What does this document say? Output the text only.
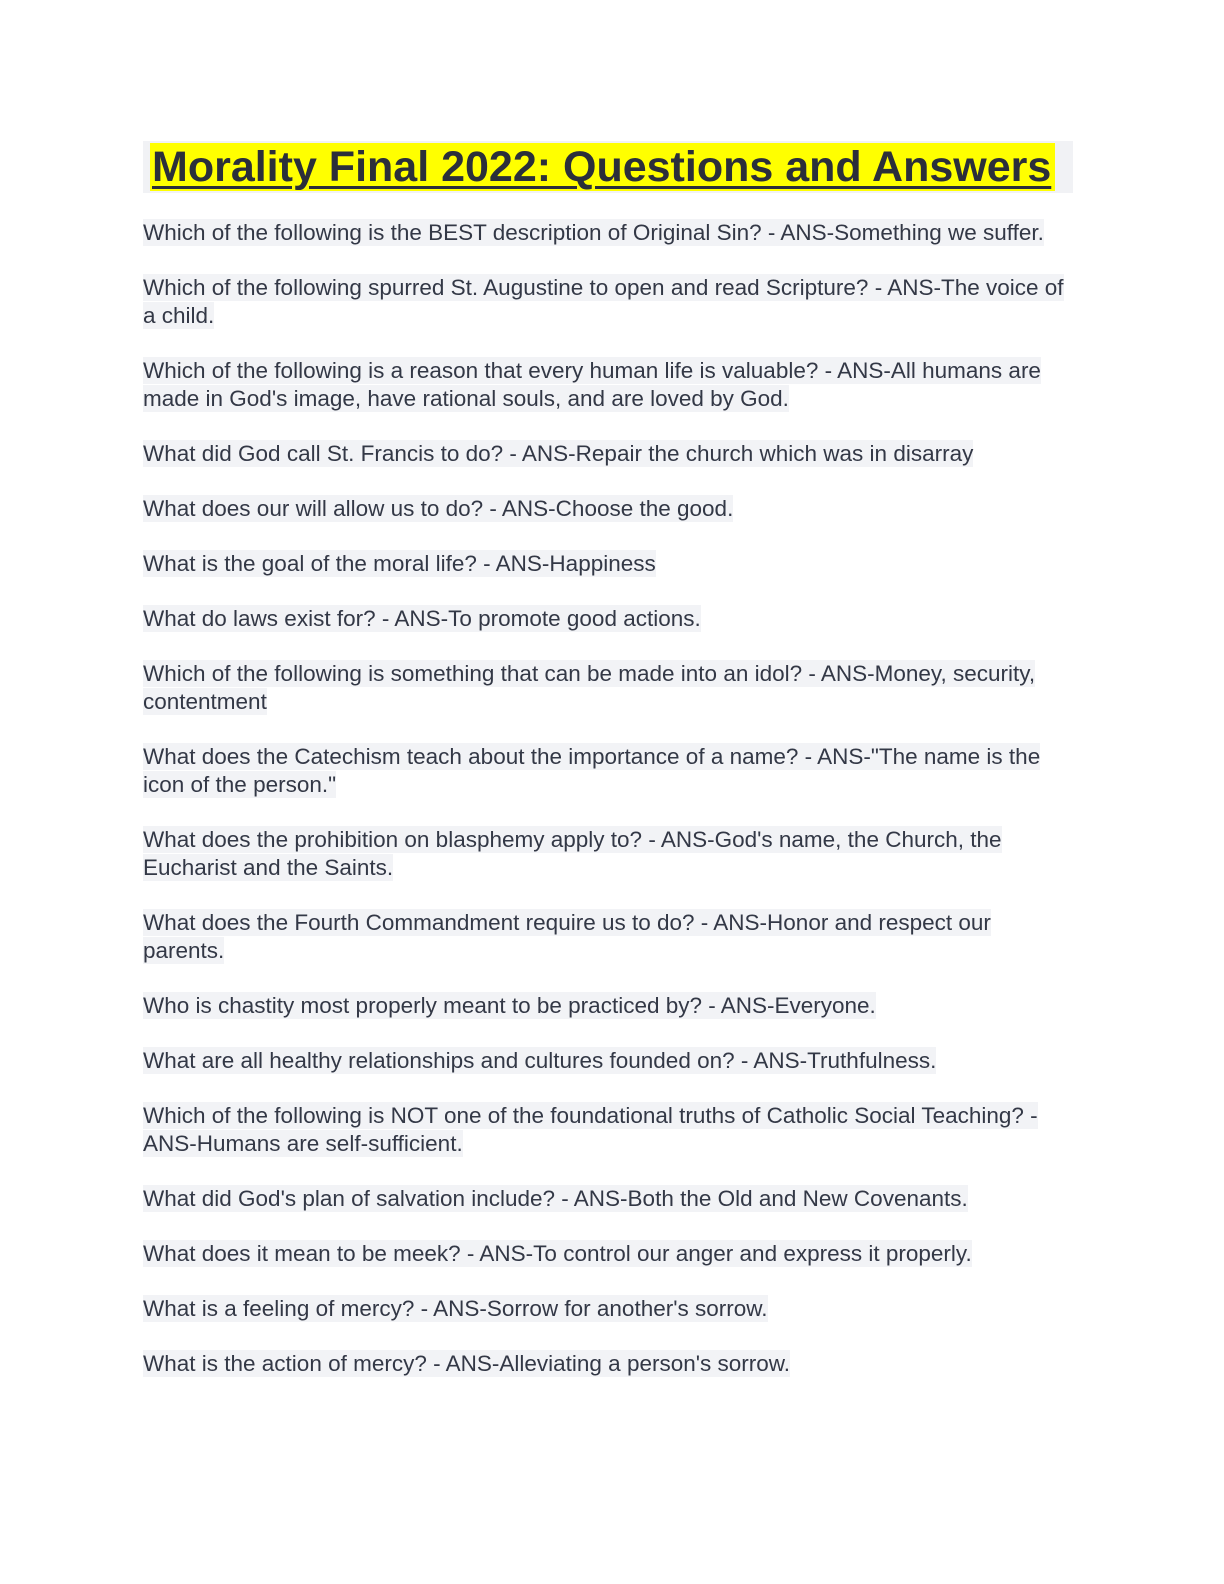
Morality Final 2022: Questions and Answers
Which of the following is the BEST description of Original Sin? - ANS-Something we suffer.
Which of the following spurred St. Augustine to open and read Scripture? - ANS-The voice of a child.
Which of the following is a reason that every human life is valuable? - ANS-All humans are made in God's image, have rational souls, and are loved by God.
What did God call St. Francis to do? - ANS-Repair the church which was in disarray
What does our will allow us to do? - ANS-Choose the good.
What is the goal of the moral life? - ANS-Happiness
What do laws exist for? - ANS-To promote good actions.
Which of the following is something that can be made into an idol? - ANS-Money, security, contentment
What does the Catechism teach about the importance of a name? - ANS-"The name is the icon of the person."
What does the prohibition on blasphemy apply to? - ANS-God's name, the Church, the Eucharist and the Saints.
What does the Fourth Commandment require us to do? - ANS-Honor and respect our parents.
Who is chastity most properly meant to be practiced by? - ANS-Everyone.
What are all healthy relationships and cultures founded on? - ANS-Truthfulness.
Which of the following is NOT one of the foundational truths of Catholic Social Teaching? - ANS-Humans are self-sufficient.
What did God's plan of salvation include? - ANS-Both the Old and New Covenants.
What does it mean to be meek? - ANS-To control our anger and express it properly.
What is a feeling of mercy? - ANS-Sorrow for another's sorrow.
What is the action of mercy? - ANS-Alleviating a person's sorrow.
